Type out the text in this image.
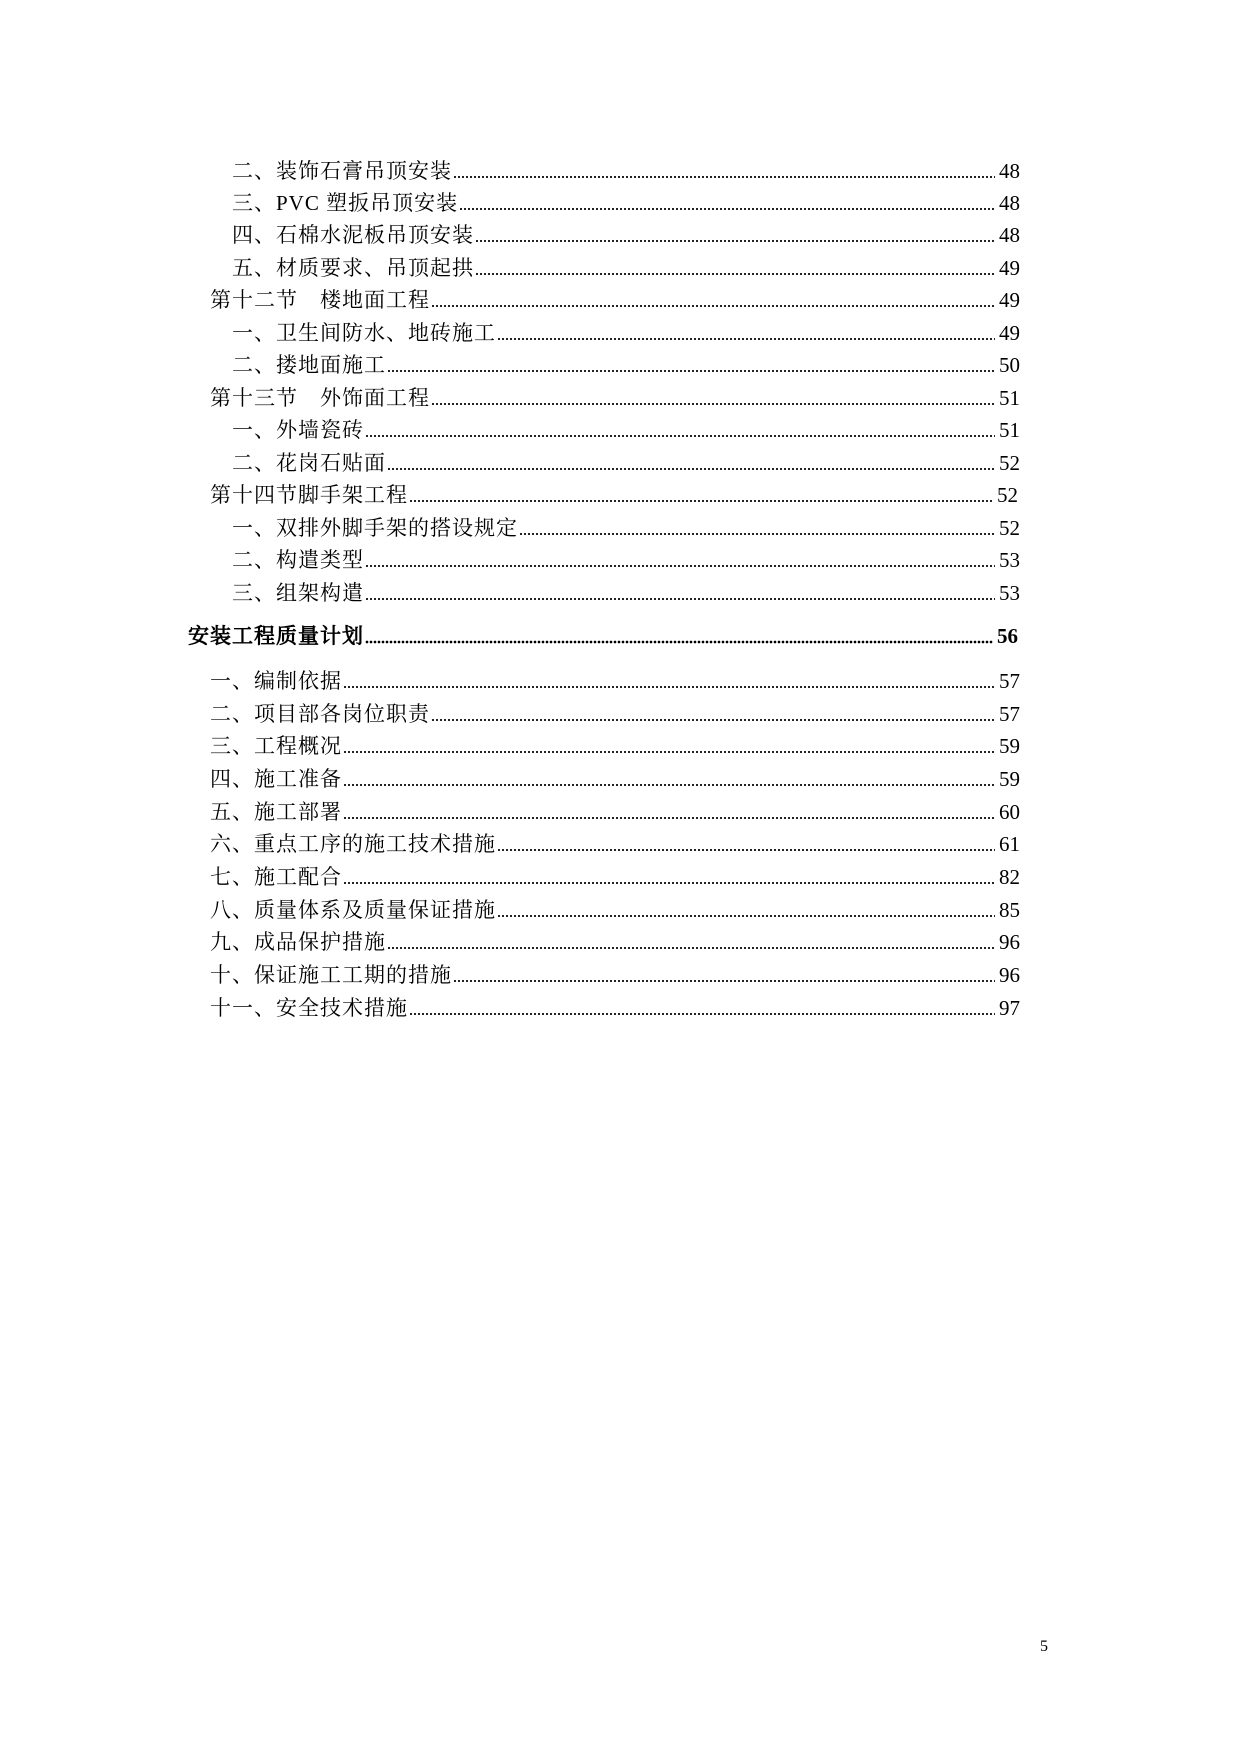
二、装饰石膏吊顶安装	48
三、PVC 塑扳吊顶安装	48
四、石棉水泥板吊顶安装	48
五、材质要求、吊顶起拱	49
第十二节　楼地面工程	49
一、卫生间防水、地砖施工	49
二、搂地面施工	50
第十三节　外饰面工程	51
一、外墙瓷砖	51
二、花岗石贴面	52
第十四节脚手架工程	52
一、双排外脚手架的搭设规定	52
二、构遣类型	53
三、组架构遣	53
安装工程质量计划	56
一、编制依据	57
二、项目部各岗位职责	57
三、工程概况	59
四、施工准备	59
五、施工部署	60
六、重点工序的施工技术措施	61
七、施工配合	82
八、质量体系及质量保证措施	85
九、成品保护措施	96
十、保证施工工期的措施	96
十一、安全技术措施	97
5
